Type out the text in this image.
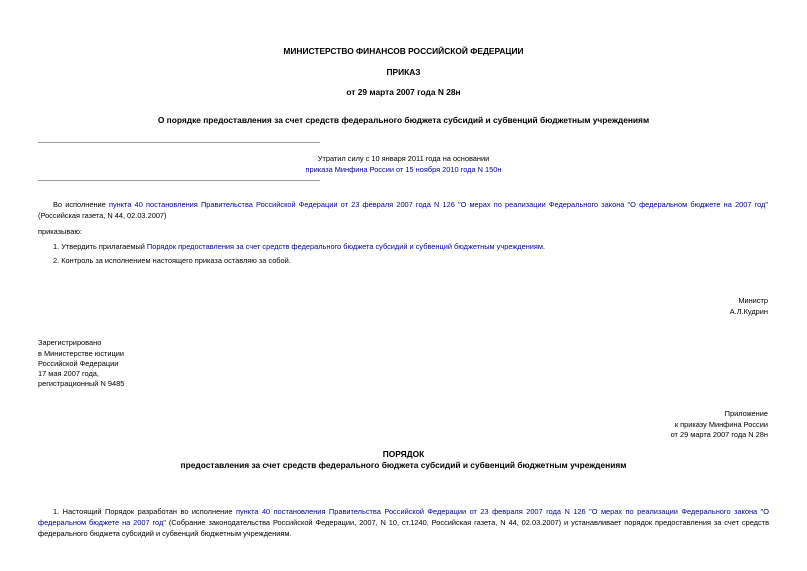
МИНИСТЕРСТВО ФИНАНСОВ РОССИЙСКОЙ ФЕДЕРАЦИИ
ПРИКАЗ
от 29 марта 2007 года N 28н
О порядке предоставления за счет средств федерального бюджета субсидий и субвенций бюджетным учреждениям
Утратил силу с 10 января 2011 года на основании
приказа Минфина России от 15 ноября 2010 года N 150н

Во исполнение пункта 40 постановления Правительства Российской Федерации от 23 февраля 2007 года N 126 "О мерах по реализации Федерального закона "О федеральном бюджете на 2007 год"(Российская газета, N 44, 02.03.2007)

приказываю:

1. Утвердить прилагаемый Порядок предоставления за счет средств федерального бюджета субсидий и субвенций бюджетным учреждениям.

2. Контроль за исполнением настоящего приказа оставляю за собой.
Министр
А.Л.Кудрин
Зарегистрировано
в Министерстве юстиции
Российской Федерации
17 мая 2007 года,
регистрационный N 9485
Приложение
к приказу Минфина России
от 29 марта 2007 года N 28н
ПОРЯДОК
предоставления за счет средств федерального бюджета субсидий и субвенций бюджетным учреждениям

1. Настоящий Порядок разработан во исполнение пункта 40 постановления Правительства Российской Федерации от 23 февраля 2007 года N 126 "О мерах по реализации Федерального закона "О федеральном бюджете на 2007 год" (Собрание законодательства Российской Федерации, 2007, N 10, ст.1240, Российская газета, N 44, 02.03.2007) и устанавливает порядок предоставления за счет средств федерального бюджета субсидий и субвенций бюджетным учреждениям.
